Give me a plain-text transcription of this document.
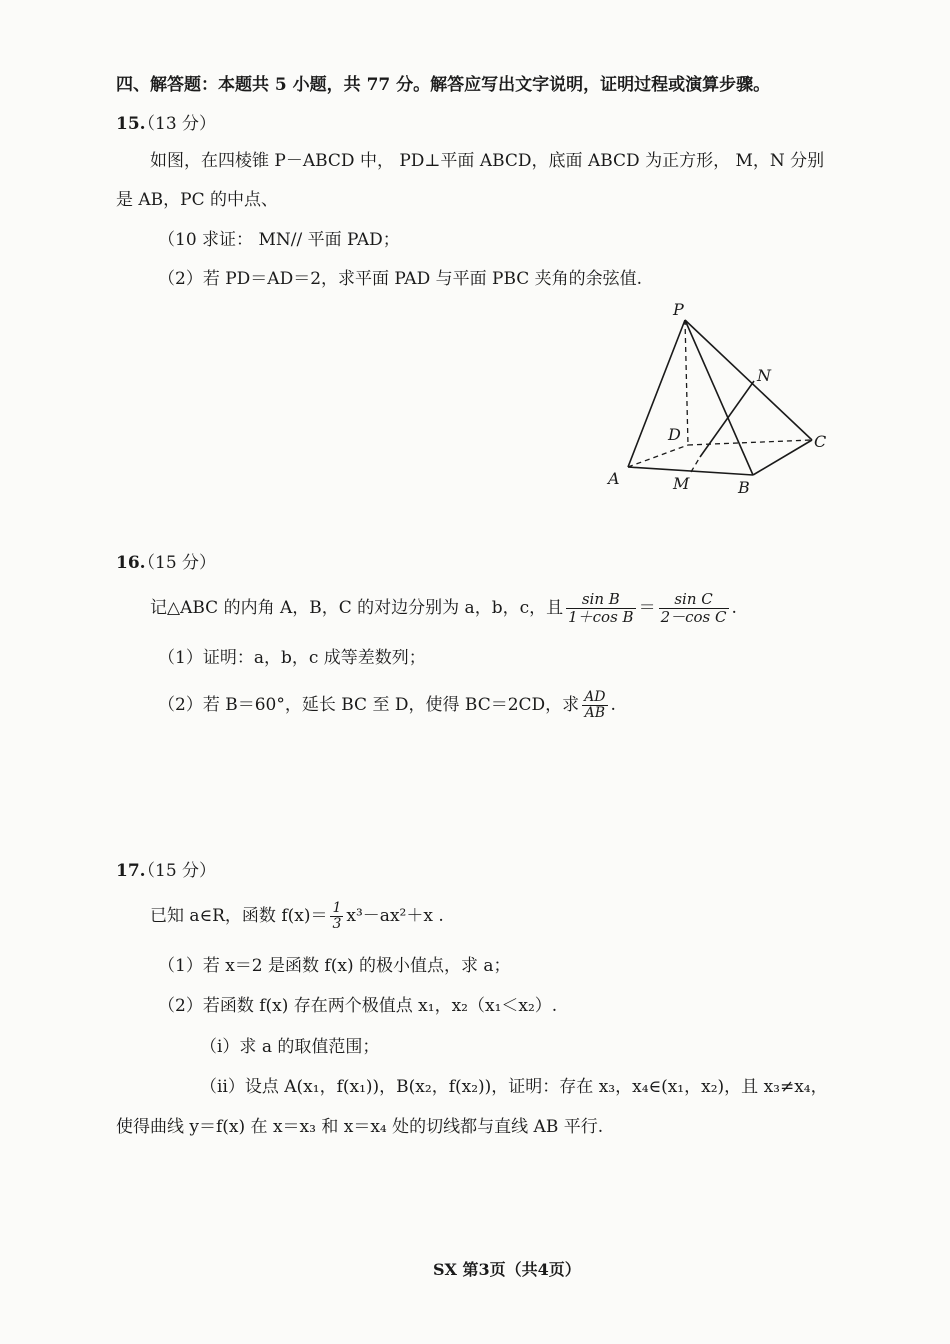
四、解答题：本题共 5 小题，共 77 分。解答应写出文字说明，证明过程或演算步骤。
15.
（13 分）
如图，在四棱锥 P－ABCD 中， PD⊥平面 ABCD，底面 ABCD 为正方形， M，N 分别
是 AB，PC 的中点、
（10 求证： MN// 平面 PAD；
（2）若 PD＝AD＝2，求平面 PAD 与平面 PBC 夹角的余弦值.
P
N
D	C
A	M	B
16.
（15 分）
记△ABC 的内角 A，B，C 的对边分别为 a，b，c，且 $\frac{\text{sin B}}{\text{1＋cos B}} = \frac{\text{sin C}}{\text{2－cos C}}$ .
（1）证明：a，b，c 成等差数列；
（2）若 B＝60°，延长 BC 至 D，使得 BC＝2CD，求 $\frac{AD}{AB}$ .
17.
（15 分）
已知 a∈R，函数 $f(x)= \frac{1}{3} x^3-ax^2+x$ .
（1）若 x＝2 是函数 f(x) 的极小值点，求 a；
（2）若函数 f(x) 存在两个极值点 x₁，x₂（x₁＜x₂）.
（ⅰ）求 a 的取值范围；
（ⅱ）设点 A(x₁，f(x₁))，B(x₂，f(x₂))，证明：存在 x₃，x₄∈(x₁，x₂)，且 x₃≠x₄，
使得曲线 y＝f(x) 在 x＝x₃ 和 x＝x₄ 处的切线都与直线 AB 平行.
SX 第3页（共4页）
